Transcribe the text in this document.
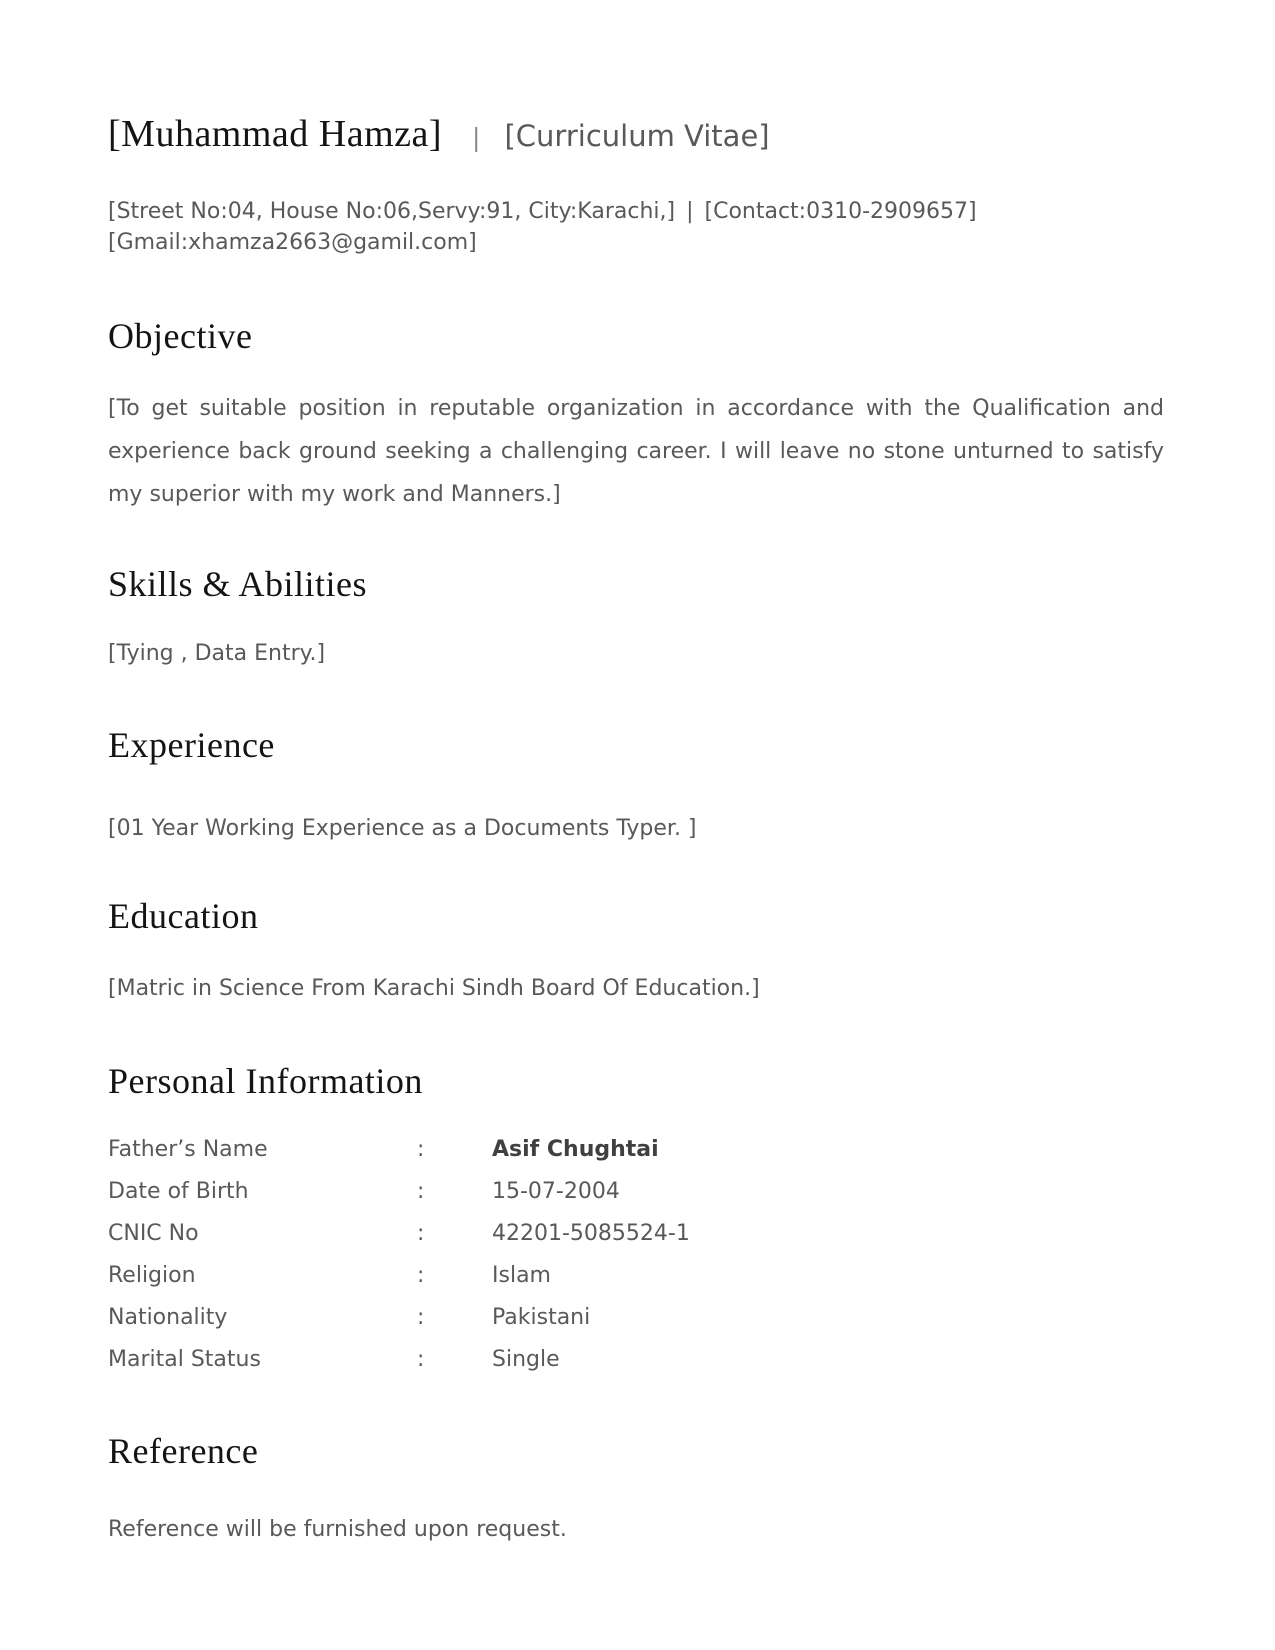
[Muhammad Hamza] | [Curriculum Vitae]
[Street No:04, House No:06,Servy:91, City:Karachi,] | [Contact:0310-2909657]
[Gmail:xhamza2663@gamil.com]
Objective

[To get suitable position in reputable organization in accordance with the Qualification and experience back ground seeking a challenging career. I will leave no stone unturned to satisfy my superior with my work and Manners.]

Skills & Abilities

[Tying , Data Entry.]

Experience

[01 Year Working Experience as a Documents Typer. ]

Education

[Matric in Science From Karachi Sindh Board Of Education.]

Personal Information
Father’s Name	:	Asif Chughtai
Date of Birth	:	15-07-2004
CNIC No	:	42201-5085524-1
Religion	:	Islam
Nationality	:	Pakistani
Marital Status	:	Single
Reference

Reference will be furnished upon request.
